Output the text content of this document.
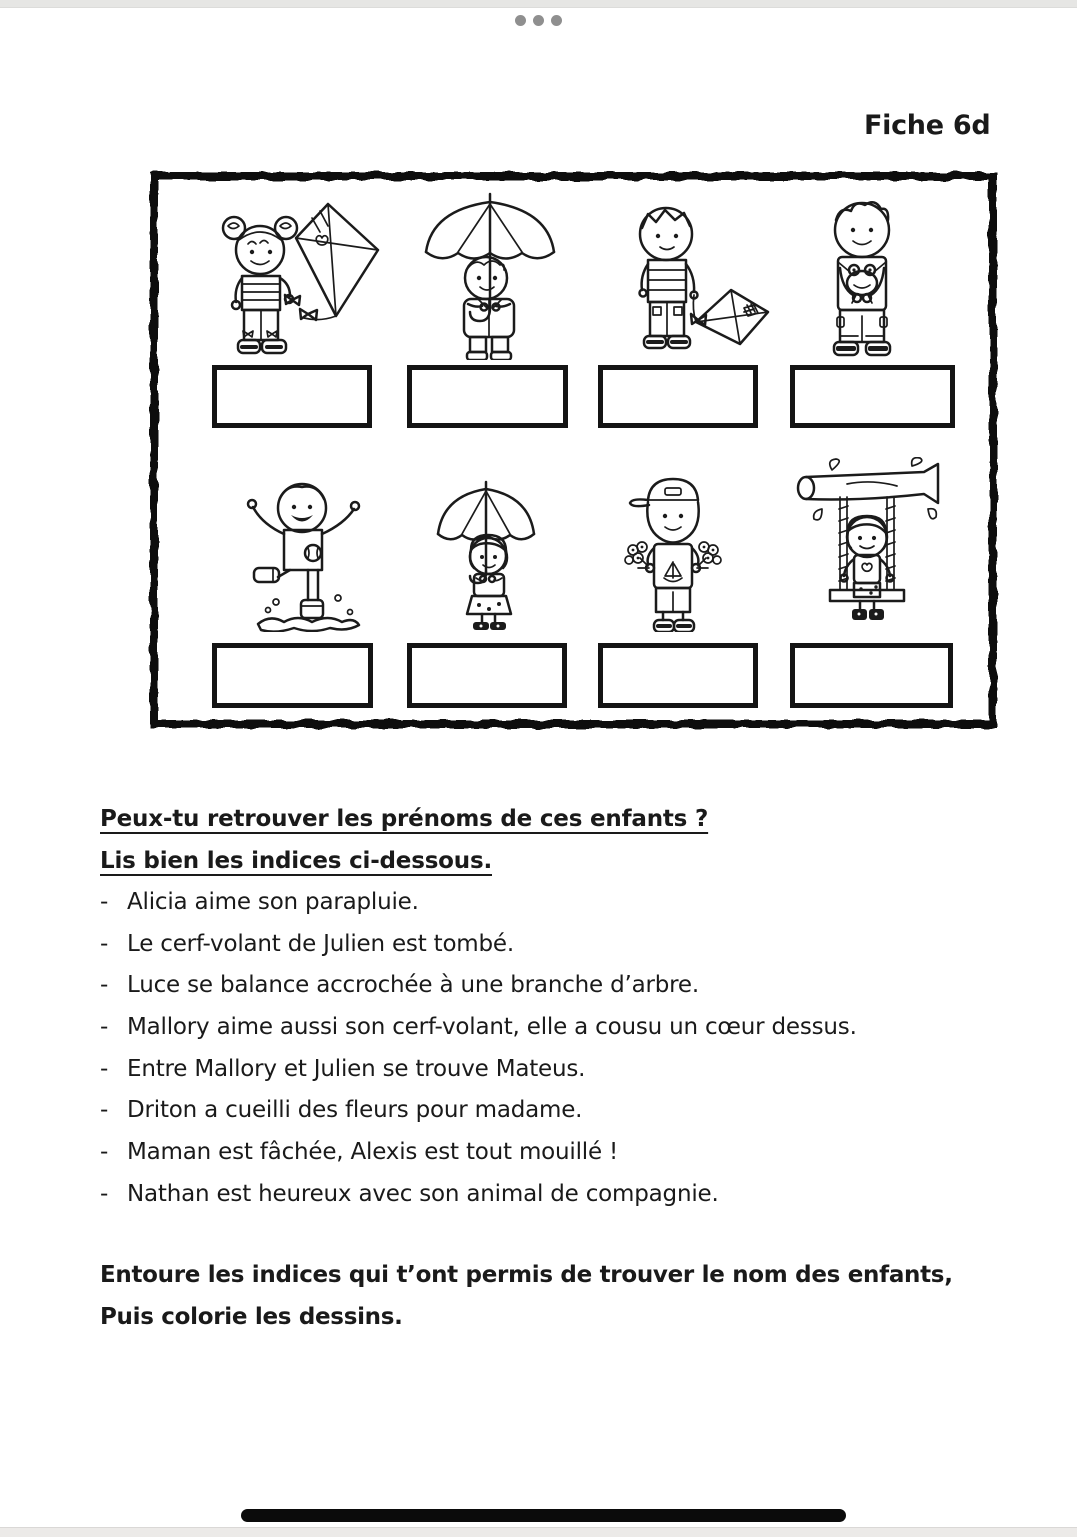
Fiche 6d
Peux-tu retrouver les prénoms de ces enfants ?
Lis bien les indices ci-dessous.
- Alicia aime son parapluie.
- Le cerf-volant de Julien est tombé.
- Luce se balance accrochée à une branche d’arbre.
- Mallory aime aussi son cerf-volant, elle a cousu un cœur dessus.
- Entre Mallory et Julien se trouve Mateus.
- Driton a cueilli des fleurs pour madame.
- Maman est fâchée, Alexis est tout mouillé !
- Nathan est heureux avec son animal de compagnie.
Entoure les indices qui t’ont permis de trouver le nom des enfants,
Puis colorie les dessins.
